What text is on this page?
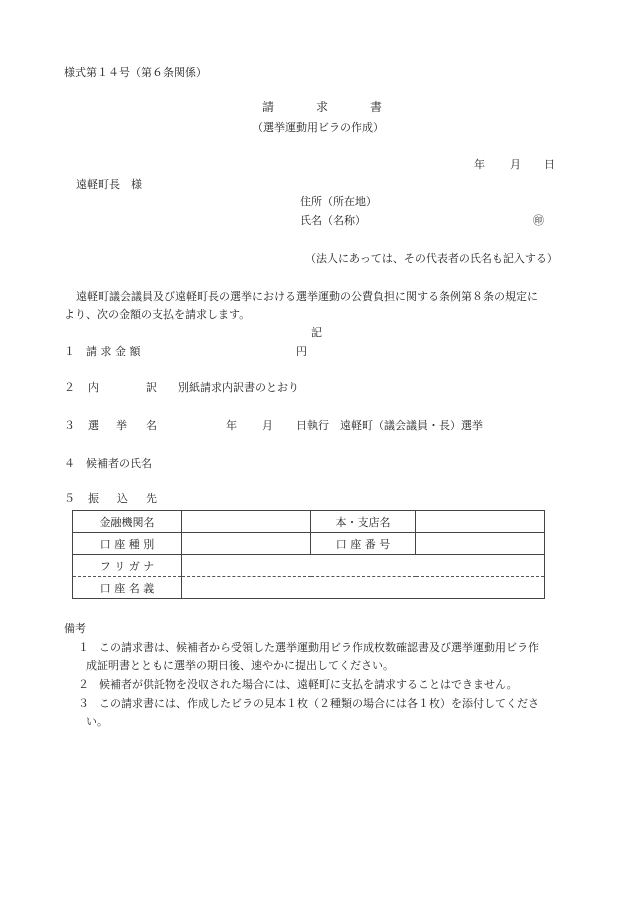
様式第１４号（第６条関係）
請	求	書
（選挙運動用ビラの作成）
年 月 日
遠軽町長　様
住所（所在地）
氏名（名称）	㊞
（法人にあっては、その代表者の氏名も記入する）
遠軽町議会議員及び遠軽町長の選挙における選挙運動の公費負担に関する条例第８条の規定に
より、次の金額の支払を請求します。
記
１ 請 求 金 額	円
２ 内	訳 別紙請求内訳書のとおり
３ 選 挙 名	年 月 日執行　遠軽町（議会議員・長）選挙
４ 候補者の氏名
５ 振 込 先
金融機関名		本・支店名	
口 座 種 別		口 座 番 号	
フ リ ガ ナ			
口 座 名 義			
備考
１ この請求書は、候補者から受領した選挙運動用ビラ作成枚数確認書及び選挙運動用ビラ作
成証明書とともに選挙の期日後、速やかに提出してください。
２ 候補者が供託物を没収された場合には、遠軽町に支払を請求することはできません。
３ この請求書には、作成したビラの見本１枚（２種類の場合には各１枚）を添付してくださ
い。
